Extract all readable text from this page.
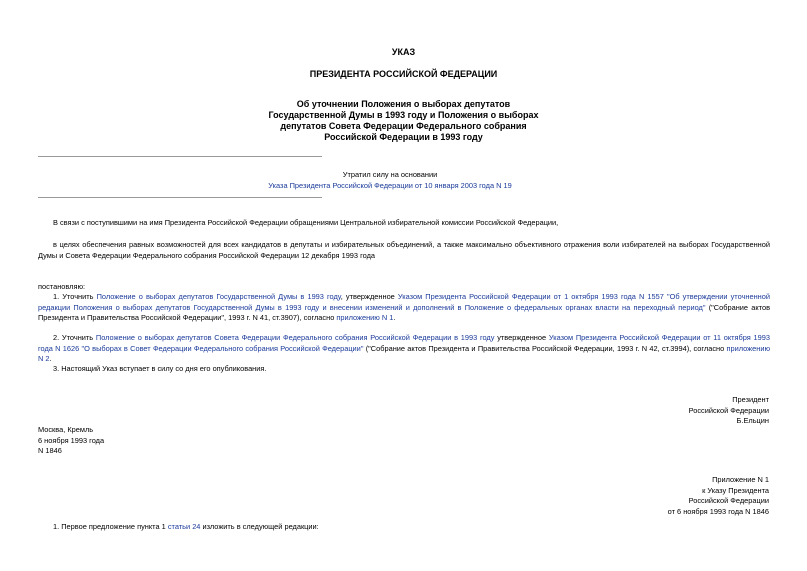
УКАЗ
ПРЕЗИДЕНТА РОССИЙСКОЙ ФЕДЕРАЦИИ
Об уточнении Положения о выборах депутатов
Государственной Думы в 1993 году и Положения о выборах
депутатов Совета Федерации Федерального собрания
Российской Федерации в 1993 году
Утратил силу на основании
Указа Президента Российской Федерации от 10 января 2003 года N 19
В связи с поступившими на имя Президента Российской Федерации обращениями Центральной избирательной комиссии Российской Федерации,
в целях обеспечения равных возможностей для всех кандидатов в депутаты и избирательных объединений, а также максимально объективного отражения воли избирателей на выборах Государственной Думы и Совета Федерации Федерального собрания Российской Федерации 12 декабря 1993 года
постановляю:
1. Уточнить Положение о выборах депутатов Государственной Думы в 1993 году, утвержденное Указом Президента Российской Федерации от 1 октября 1993 года N 1557 "Об утверждении уточненной редакции Положения о выборах депутатов Государственной Думы в 1993 году и внесении изменений и дополнений в Положение о федеральных органах власти на переходный период" ("Собрание актов Президента и Правительства Российской Федерации", 1993 г. N 41, ст.3907), согласно приложению N 1.
2. Уточнить Положение о выборах депутатов Совета Федерации Федерального собрания Российской Федерации в 1993 году утвержденное Указом Президента Российской Федерации от 11 октября 1993 года N 1626 "О выборах в Совет Федерации Федерального собрания Российской Федерации" ("Собрание актов Президента и Правительства Российской Федерации, 1993 г. N 42, ст.3994), согласно приложению N 2.
3. Настоящий Указ вступает в силу со дня его опубликования.
Президент
Российской Федерации
Б.Ельцин
Москва, Кремль
6 ноября 1993 года
N 1846
Приложение N 1
к Указу Президента
Российской Федерации
от 6 ноября 1993 года N 1846
1. Первое предложение пункта 1 статьи 24 изложить в следующей редакции:
